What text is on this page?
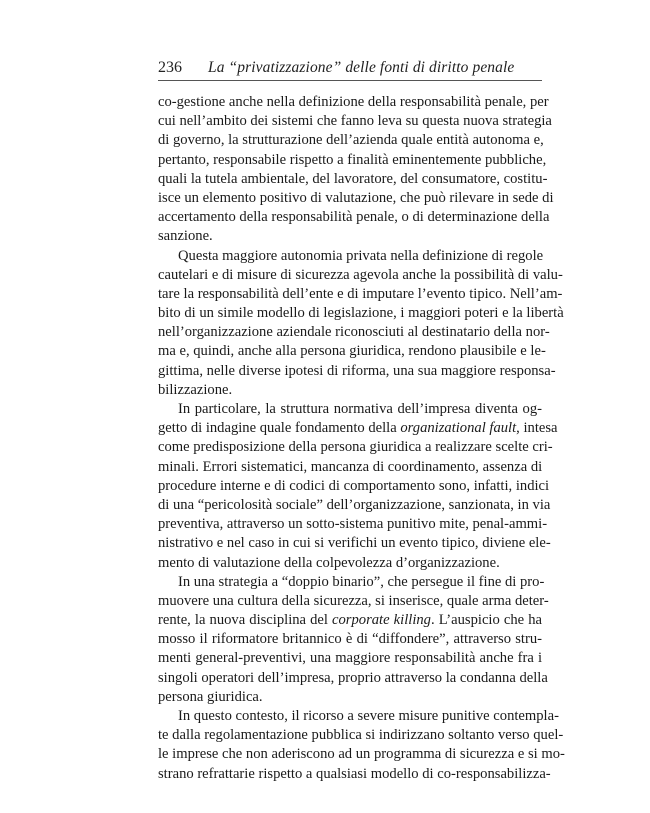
236 La “privatizzazione” delle fonti di diritto penale
co-gestione anche nella definizione della responsabilità penale, per
cui nell’ambito dei sistemi che fanno leva su questa nuova strategia
di governo, la strutturazione dell’azienda quale entità autonoma e,
pertanto, responsabile rispetto a finalità eminentemente pubbliche,
quali la tutela ambientale, del lavoratore, del consumatore, costitu-
isce un elemento positivo di valutazione, che può rilevare in sede di
accertamento della responsabilità penale, o di determinazione della
sanzione.
Questa maggiore autonomia privata nella definizione di regole
cautelari e di misure di sicurezza agevola anche la possibilità di valu-
tare la responsabilità dell’ente e di imputare l’evento tipico. Nell’am-
bito di un simile modello di legislazione, i maggiori poteri e la libertà
nell’organizzazione aziendale riconosciuti al destinatario della nor-
ma e, quindi, anche alla persona giuridica, rendono plausibile e le-
gittima, nelle diverse ipotesi di riforma, una sua maggiore responsa-
bilizzazione.
In particolare, la struttura normativa dell’impresa diventa og-
getto di indagine quale fondamento della organizational fault, intesa
come predisposizione della persona giuridica a realizzare scelte cri-
minali. Errori sistematici, mancanza di coordinamento, assenza di
procedure interne e di codici di comportamento sono, infatti, indici
di una “pericolosità sociale” dell’organizzazione, sanzionata, in via
preventiva, attraverso un sotto-sistema punitivo mite, penal-ammi-
nistrativo e nel caso in cui si verifichi un evento tipico, diviene ele-
mento di valutazione della colpevolezza d’organizzazione.
In una strategia a “doppio binario”, che persegue il fine di pro-
muovere una cultura della sicurezza, si inserisce, quale arma deter-
rente, la nuova disciplina del corporate killing. L’auspicio che ha
mosso il riformatore britannico è di “diffondere”, attraverso stru-
menti general-preventivi, una maggiore responsabilità anche fra i
singoli operatori dell’impresa, proprio attraverso la condanna della
persona giuridica.
In questo contesto, il ricorso a severe misure punitive contempla-
te dalla regolamentazione pubblica si indirizzano soltanto verso quel-
le imprese che non aderiscono ad un programma di sicurezza e si mo-
strano refrattarie rispetto a qualsiasi modello di co-responsabilizza-
